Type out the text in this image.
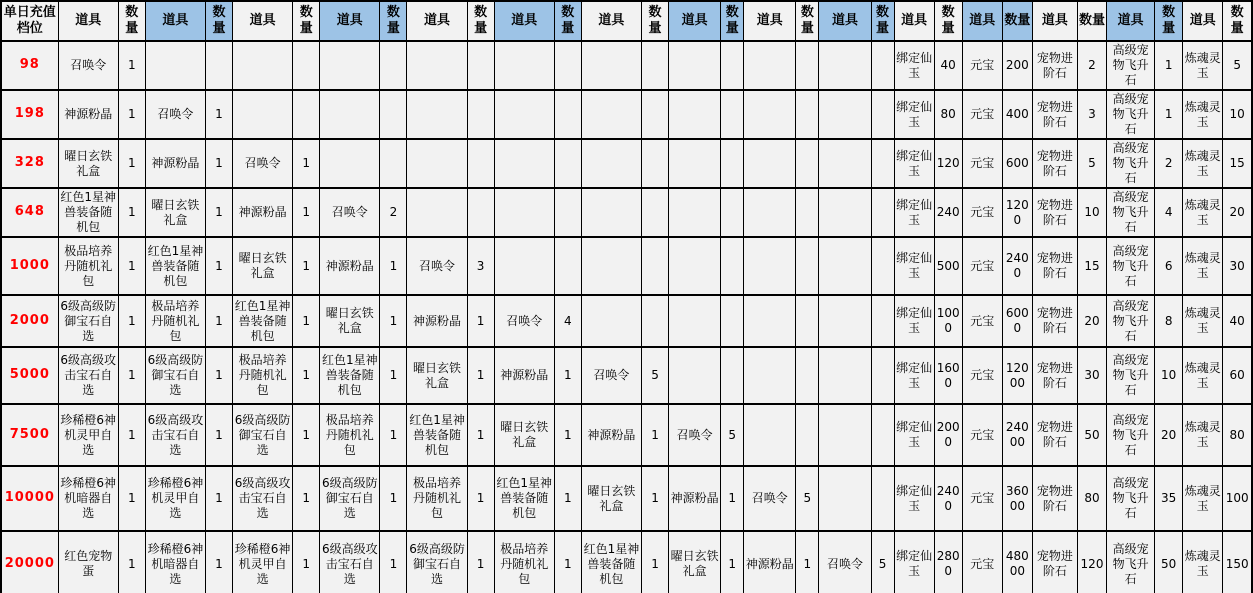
单日充值档位	道具	数量	道具	数量	道具	数量	道具	数量	道具	数量	道具	数量	道具	数量	道具	数量	道具	数量	道具	数量	道具	数量	道具	数量	道具	数量	道具	数量	道具	数量
98	召唤令	1																			绑定仙玉	40	元宝	200	宠物进阶石	2	高级宠物飞升石	1	炼魂灵玉	5
198	神源粉晶	1	召唤令	1																	绑定仙玉	80	元宝	400	宠物进阶石	3	高级宠物飞升石	1	炼魂灵玉	10
328	曜日玄铁礼盒	1	神源粉晶	1	召唤令	1															绑定仙玉	120	元宝	600	宠物进阶石	5	高级宠物飞升石	2	炼魂灵玉	15
648	红色1星神兽装备随机包	1	曜日玄铁礼盒	1	神源粉晶	1	召唤令	2													绑定仙玉	240	元宝	1200	宠物进阶石	10	高级宠物飞升石	4	炼魂灵玉	20
1000	极品培养丹随机礼包	1	红色1星神兽装备随机包	1	曜日玄铁礼盒	1	神源粉晶	1	召唤令	3											绑定仙玉	500	元宝	2400	宠物进阶石	15	高级宠物飞升石	6	炼魂灵玉	30
2000	6级高级防御宝石自选	1	极品培养丹随机礼包	1	红色1星神兽装备随机包	1	曜日玄铁礼盒	1	神源粉晶	1	召唤令	4									绑定仙玉	1000	元宝	6000	宠物进阶石	20	高级宠物飞升石	8	炼魂灵玉	40
5000	6级高级攻击宝石自选	1	6级高级防御宝石自选	1	极品培养丹随机礼包	1	红色1星神兽装备随机包	1	曜日玄铁礼盒	1	神源粉晶	1	召唤令	5							绑定仙玉	1600	元宝	12000	宠物进阶石	30	高级宠物飞升石	10	炼魂灵玉	60
7500	珍稀橙6神机灵甲自选	1	6级高级攻击宝石自选	1	6级高级防御宝石自选	1	极品培养丹随机礼包	1	红色1星神兽装备随机包	1	曜日玄铁礼盒	1	神源粉晶	1	召唤令	5					绑定仙玉	2000	元宝	24000	宠物进阶石	50	高级宠物飞升石	20	炼魂灵玉	80
10000	珍稀橙6神机暗器自选	1	珍稀橙6神机灵甲自选	1	6级高级攻击宝石自选	1	6级高级防御宝石自选	1	极品培养丹随机礼包	1	红色1星神兽装备随机包	1	曜日玄铁礼盒	1	神源粉晶	1	召唤令	5			绑定仙玉	2400	元宝	36000	宠物进阶石	80	高级宠物飞升石	35	炼魂灵玉	100
20000	红色宠物蛋	1	珍稀橙6神机暗器自选	1	珍稀橙6神机灵甲自选	1	6级高级攻击宝石自选	1	6级高级防御宝石自选	1	极品培养丹随机礼包	1	红色1星神兽装备随机包	1	曜日玄铁礼盒	1	神源粉晶	1	召唤令	5	绑定仙玉	2800	元宝	48000	宠物进阶石	120	高级宠物飞升石	50	炼魂灵玉	150
